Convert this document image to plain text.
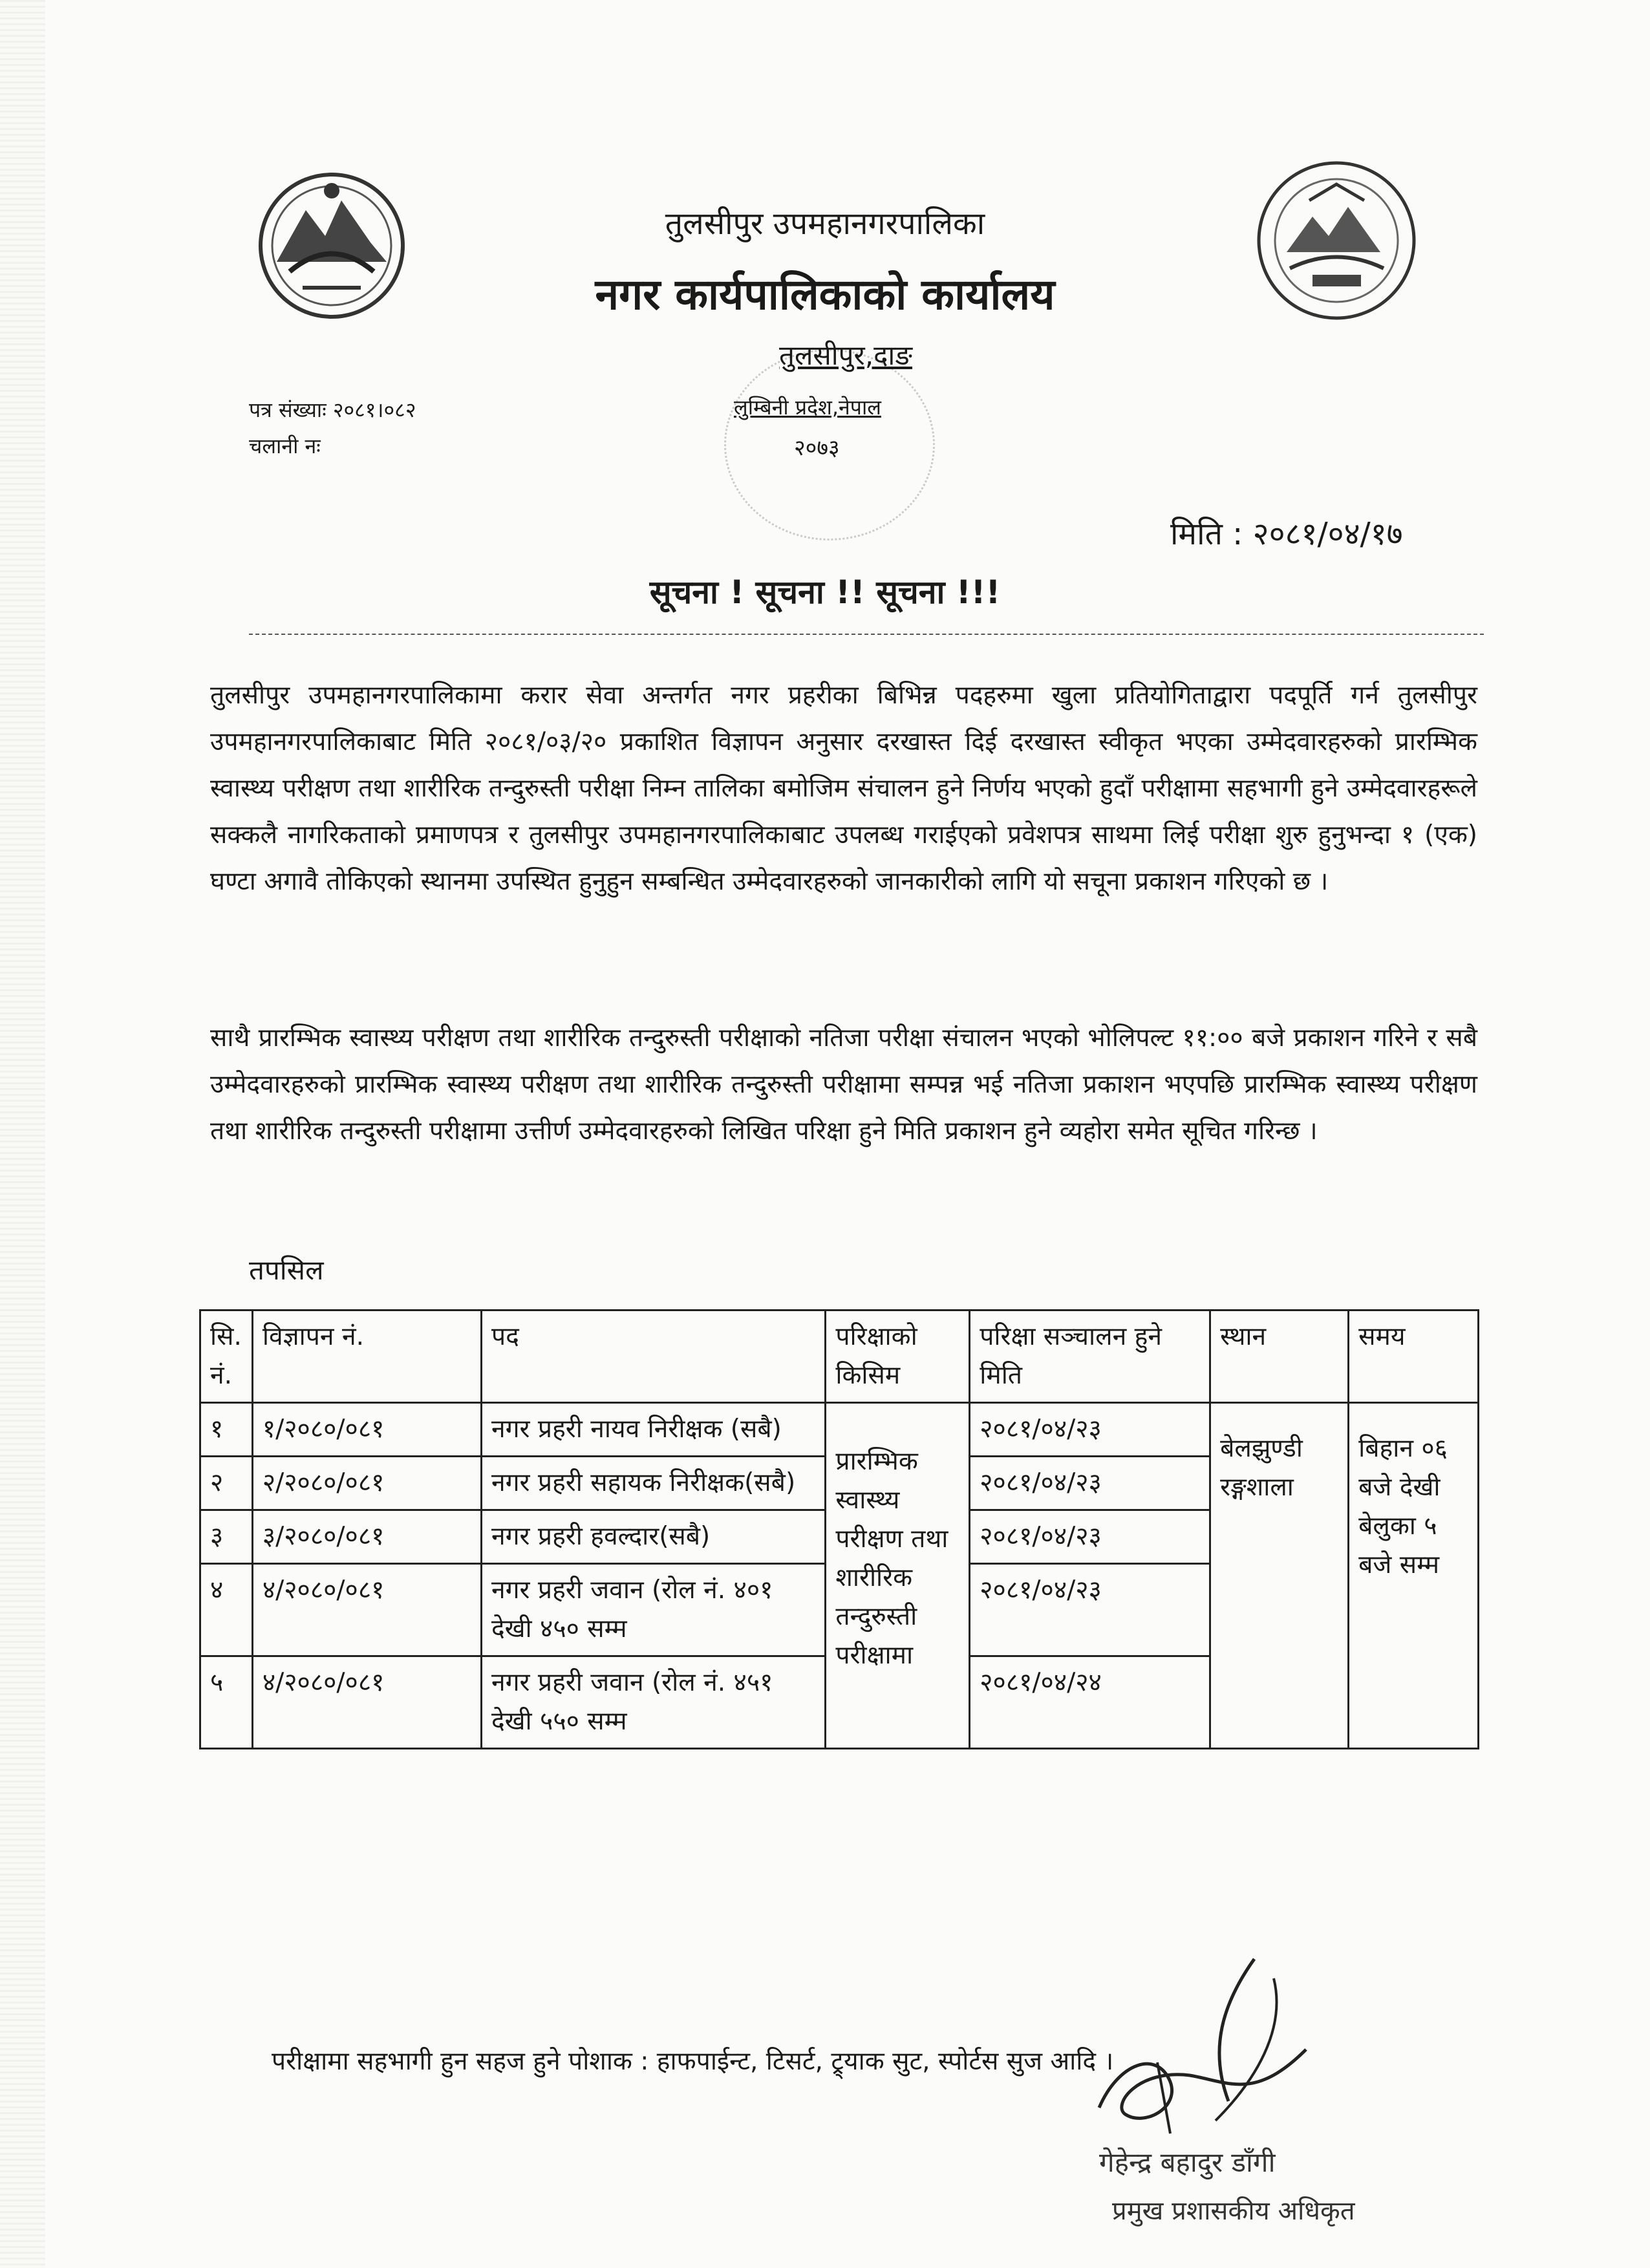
तुलसीपुर उपमहानगरपालिका
नगर कार्यपालिकाको कार्यालय
तुलसीपुर,दाङ
लुम्बिनी प्रदेश,नेपाल
२०७३
पत्र संख्याः २०८१।०८२
चलानी नः
मिति : २०८१/०४/१७
सूचना ! सूचना !! सूचना !!!
तुलसीपुर उपमहानगरपालिकामा करार सेवा अन्तर्गत नगर प्रहरीका बिभिन्न पदहरुमा खुला प्रतियोगिताद्वारा पदपूर्ति गर्न तुलसीपुर उपमहानगरपालिकाबाट मिति २०८१/०३/२० प्रकाशित विज्ञापन अनुसार दरखास्त दिई दरखास्त स्वीकृत भएका उम्मेदवारहरुको प्रारम्भिक स्वास्थ्य परीक्षण तथा शारीरिक तन्दुरुस्ती परीक्षा निम्न तालिका बमोजिम संचालन हुने निर्णय भएको हुदाँ परीक्षामा सहभागी हुने उम्मेदवारहरूले सक्कलै नागरिकताको प्रमाणपत्र र तुलसीपुर उपमहानगरपालिकाबाट उपलब्ध गराईएको प्रवेशपत्र साथमा लिई परीक्षा शुरु हुनुभन्दा १ (एक) घण्टा अगावै तोकिएको स्थानमा उपस्थित हुनुहुन सम्बन्धित उम्मेदवारहरुको जानकारीको लागि यो सचूना प्रकाशन गरिएको छ ।
साथै प्रारम्भिक स्वास्थ्य परीक्षण तथा शारीरिक तन्दुरुस्ती परीक्षाको नतिजा परीक्षा संचालन भएको भोलिपल्ट ११:०० बजे प्रकाशन गरिने र सबै उम्मेदवारहरुको प्रारम्भिक स्वास्थ्य परीक्षण तथा शारीरिक तन्दुरुस्ती परीक्षामा सम्पन्न भई नतिजा प्रकाशन भएपछि प्रारम्भिक स्वास्थ्य परीक्षण तथा शारीरिक तन्दुरुस्ती परीक्षामा उत्तीर्ण उम्मेदवारहरुको लिखित परिक्षा हुने मिति प्रकाशन हुने व्यहोरा समेत सूचित गरिन्छ ।
तपसिल
सि. नं.	विज्ञापन नं.	पद	परिक्षाको किसिम	परिक्षा सञ्चालन हुने मिति	स्थान	समय
१	१/२०८०/०८१	नगर प्रहरी नायव निरीक्षक (सबै)	प्रारम्भिक स्वास्थ्य परीक्षण तथा शारीरिक तन्दुरुस्ती परीक्षामा	२०८१/०४/२३	बेलझुण्डी रङ्गशाला	बिहान ०६ बजे देखी बेलुका ५ बजे सम्म
२	२/२०८०/०८१	नगर प्रहरी सहायक निरीक्षक(सबै)		२०८१/०४/२३		
३	३/२०८०/०८१	नगर प्रहरी हवल्दार(सबै)		२०८१/०४/२३		
४	४/२०८०/०८१	नगर प्रहरी जवान (रोल नं. ४०१ देखी ४५० सम्म		२०८१/०४/२३		
५	४/२०८०/०८१	नगर प्रहरी जवान (रोल नं. ४५१ देखी ५५० सम्म		२०८१/०४/२४		
परीक्षामा सहभागी हुन सहज हुने पोशाक : हाफपाईन्ट, टिसर्ट, ट्र्याक सुट, स्पोर्टस सुज आदि ।
गेहेन्द्र बहादुर डाँगी
प्रमुख प्रशासकीय अधिकृत
